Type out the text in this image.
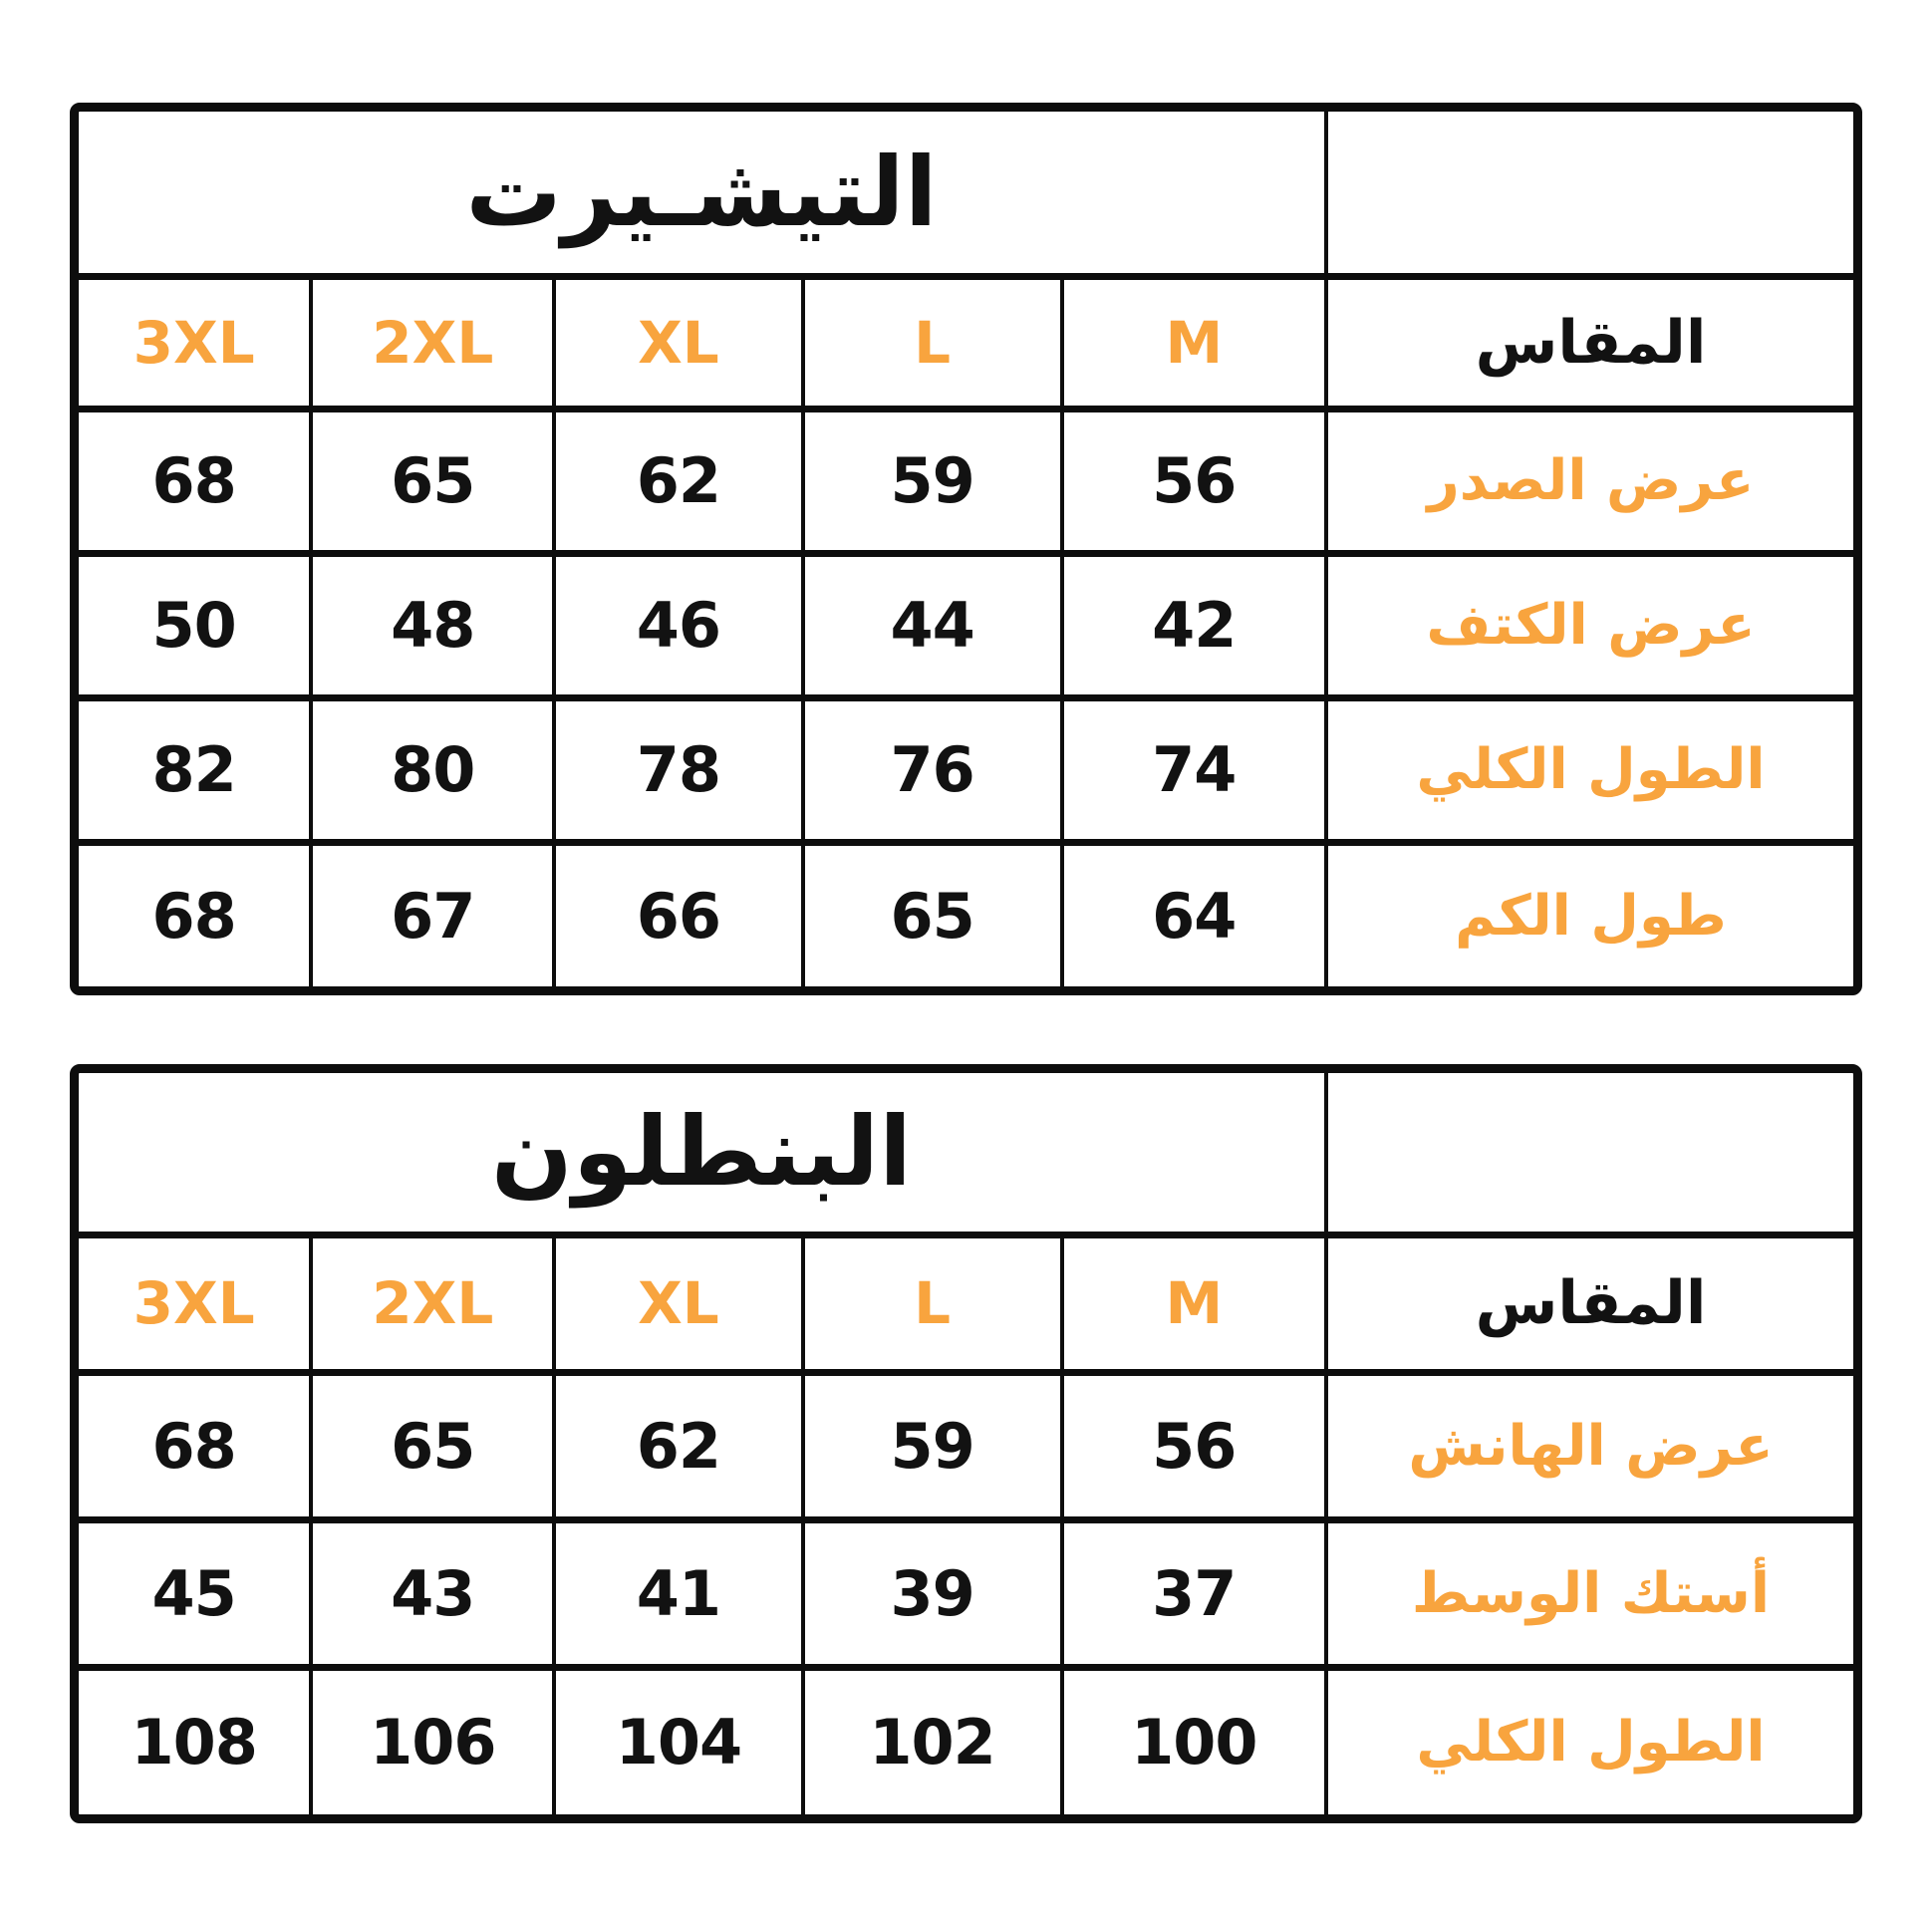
التيشـيرت					
3XL	2XL	XL	L	M	المقاس
68	65	62	59	56	عرض الصدر
50	48	46	44	42	عرض الكتف
82	80	78	76	74	الطول الكلي
68	67	66	65	64	طول الكم
البنطلون					
3XL	2XL	XL	L	M	المقاس
68	65	62	59	56	عرض الهانش
45	43	41	39	37	أستك الوسط
108	106	104	102	100	الطول الكلي
